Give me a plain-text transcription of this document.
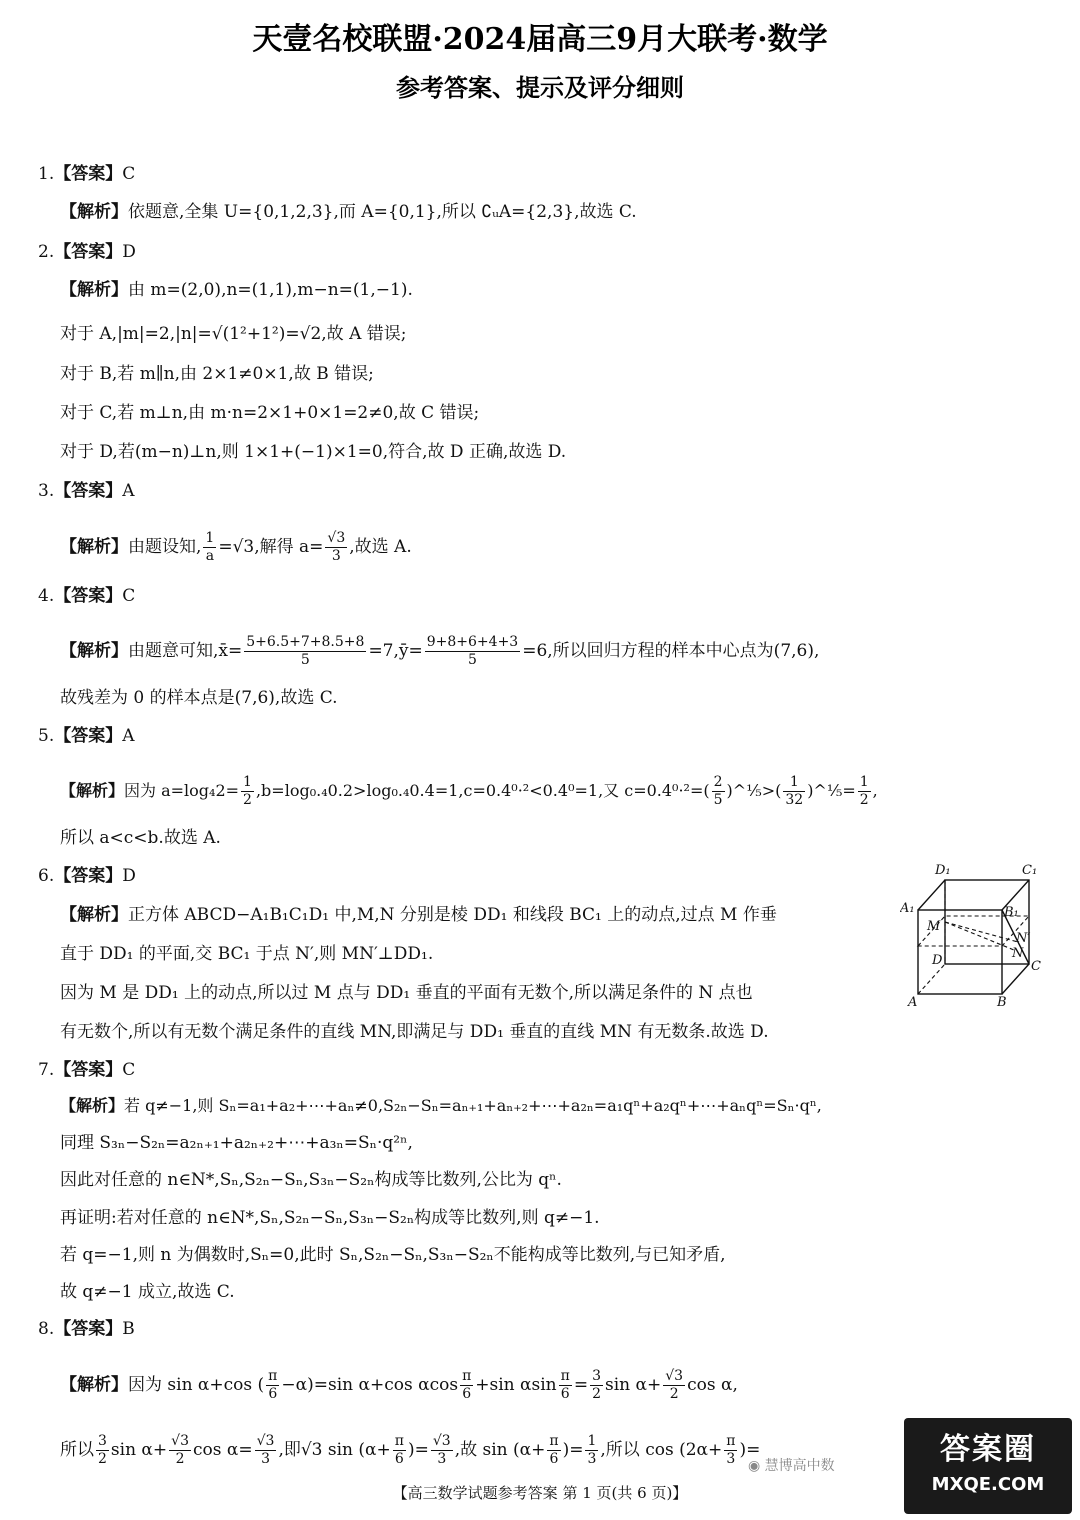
天壹名校联盟·2024届高三9月大联考·数学
参考答案、提示及评分细则
1.【答案】C
【解析】依题意,全集 U={0,1,2,3},而 A={0,1},所以 ∁ᵤA={2,3},故选 C.
2.【答案】D
【解析】由 m=(2,0),n=(1,1),m−n=(1,−1).
对于 A,|m|=2,|n|=√(1²+1²)=√2,故 A 错误;
对于 B,若 m∥n,由 2×1≠0×1,故 B 错误;
对于 C,若 m⊥n,由 m·n=2×1+0×1=2≠0,故 C 错误;
对于 D,若(m−n)⊥n,则 1×1+(−1)×1=0,符合,故 D 正确,故选 D.
3.【答案】A
【解析】由题设知, $\frac{1}{a} =√3$,解得 $a= \frac{√3}{3}$ ,故选 A.
4.【答案】C
【解析】由题意可知,x̄= $\frac{5+6.5+7+8.5+8}{5}$ =7,ȳ= $\frac{9+8+6+4+3}{5} =6$,所以回归方程的样本中心点为(7,6),
故残差为 0 的样本点是(7,6),故选 C.
5.【答案】A
【解析】因为 $a=\log_42= \frac{1}{2} ,b=\log_0._40.2>\log_0._40.4=1,c=0.4^0\cdot^2<0.4^0=1$,又 $c=0.4^0\cdot^2=( \frac{2}{5}$ )^⅕>( $\frac{1}{32}$ )^⅕= $\frac{1}{2}$ ,
所以 a<c<b.故选 A.
6.【答案】D
【解析】正方体 ABCD−A₁B₁C₁D₁ 中,M,N 分别是棱 DD₁ 和线段 BC₁ 上的动点,过点 M 作垂
直于 DD₁ 的平面,交 BC₁ 于点 N′,则 MN′⊥DD₁.
因为 M 是 DD₁ 上的动点,所以过 M 点与 DD₁ 垂直的平面有无数个,所以满足条件的 N 点也
有无数个,所以有无数个满足条件的直线 MN,即满足与 DD₁ 垂直的直线 MN 有无数条.故选 D.
D₁	C₁
A₁	B₁
M
N′
N
D	C
A	B
7.【答案】C
【解析】若 q≠−1,则 Sₙ=a₁+a₂+⋯+aₙ≠0,S₂ₙ−Sₙ=aₙ₊₁+aₙ₊₂+⋯+a₂ₙ=a₁qⁿ+a₂qⁿ+⋯+aₙqⁿ=Sₙ·qⁿ,
同理 S₃ₙ−S₂ₙ=a₂ₙ₊₁+a₂ₙ₊₂+⋯+a₃ₙ=Sₙ·q²ⁿ,
因此对任意的 n∈N*,Sₙ,S₂ₙ−Sₙ,S₃ₙ−S₂ₙ构成等比数列,公比为 qⁿ.
再证明:若对任意的 n∈N*,Sₙ,S₂ₙ−Sₙ,S₃ₙ−S₂ₙ构成等比数列,则 q≠−1.
若 q=−1,则 n 为偶数时,Sₙ=0,此时 Sₙ,S₂ₙ−Sₙ,S₃ₙ−S₂ₙ不能构成等比数列,与已知矛盾,
故 q≠−1 成立,故选 C.
8.【答案】B
【解析】因为 sin α+cos ( $\frac{\pi}{6} -\alpha)=\sin$ α+cos αcos $\frac{\pi}{6} +\sin$ αsin $\frac{\pi}{6} = \frac{3}{2}$ $\sin \alpha+ \frac{√3}{2}$ cos α,
所以 $\frac{3}{2}$ $\sin \alpha+ \frac{√3}{2}$ $\cos \alpha= \frac{√3}{3}$ ,即√3 $\sin (\alpha+ \frac{\pi}{6}$ )= $\frac{√3}{3}$ ,故 $\sin (\alpha+ \frac{\pi}{6}$ )= $\frac{1}{3}$ ,所以 $\cos (2\alpha+ \frac{\pi}{3}$ )=
◉ 慧博高中数	答案圈
MXQE.COM
【高三数学试题参考答案 第 1 页(共 6 页)】
